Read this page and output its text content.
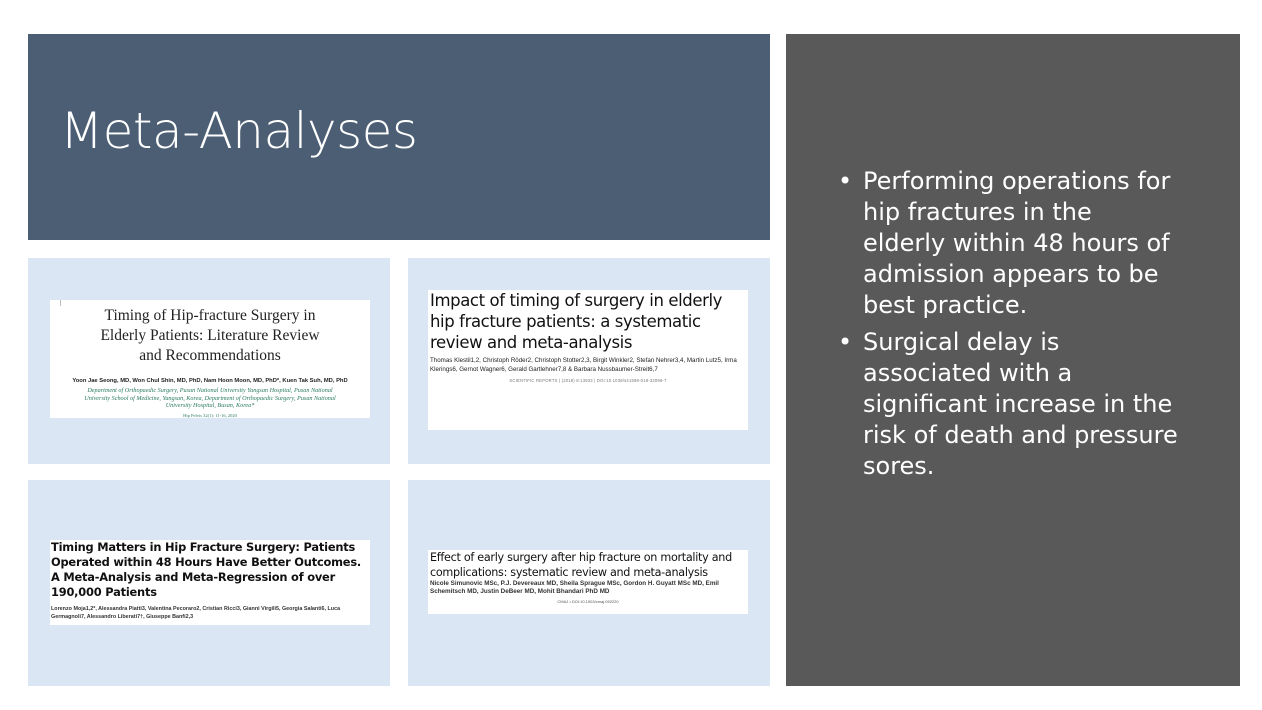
Meta-Analyses
Timing of Hip-fracture Surgery in Elderly Patients: Literature Review and Recommendations
Yoon Jae Seong, MD, Won Chul Shin, MD, PhD, Nam Hoon Moon, MD, PhD*, Kuen Tak Suh, MD, PhD
Department of Orthopaedic Surgery, Pusan National University Yangsan Hospital, Pusan National University School of Medicine, Yangsan, Korea, Department of Orthopaedic Surgery, Pusan National University Hospital, Busan, Korea*
Hip Pelvis 32(1): 11-16, 2020
Impact of timing of surgery in elderly hip fracture patients: a systematic review and meta-analysis
Thomas Klestil1,2, Christoph Röder2, Christoph Stotter2,3, Birgit Winkler2, Stefan Nehrer3,4, Martin Lutz5, Irma Klerings6, Gernot Wagner6, Gerald Gartlehner7,8 & Barbara Nussbaumer-Streit6,7
SCIENTIFIC REPORTS | (2018) 8:13933 | DOI:10.1038/s41598-018-32098-7
Timing Matters in Hip Fracture Surgery: Patients Operated within 48 Hours Have Better Outcomes. A Meta-Analysis and Meta-Regression of over 190,000 Patients
Lorenzo Moja1,2*, Alessandra Piatti3, Valentina Pecoraro2, Cristian Ricci3, Gianni Virgili5, Georgia Salanti6, Luca Germagnoli7, Alessandro Liberati7†, Giuseppe Banfi2,3
Effect of early surgery after hip fracture on mortality and complications: systematic review and meta-analysis
Nicole Simunovic MSc, P.J. Devereaux MD, Sheila Sprague MSc, Gordon H. Guyatt MSc MD, Emil Schemitsch MD, Justin DeBeer MD, Mohit Bhandari PhD MD
CMAJ • DOI:10.1503/cmaj.092220
• Performing operations for hip fractures in the elderly within 48 hours of admission appears to be best practice.
• Surgical delay is associated with a significant increase in the risk of death and pressure sores.
